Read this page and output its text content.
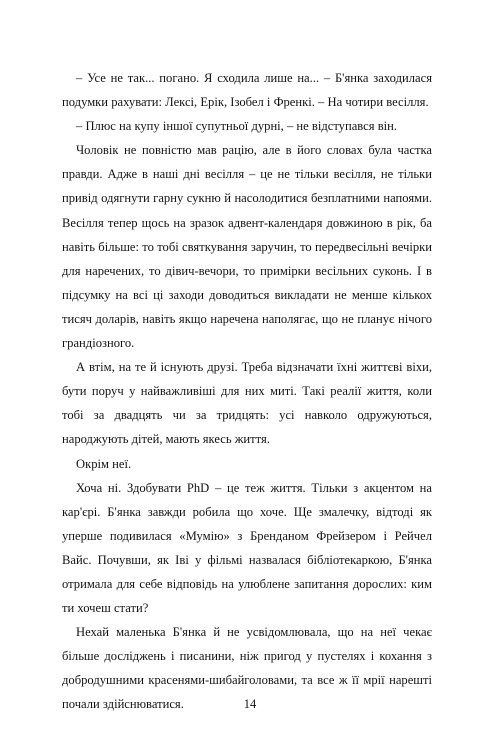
– Усе не так... погано. Я сходила лише на... – Б'янка заходилася подумки рахувати: Лексі, Ерік, Ізобел і Френкі. – На чотири весілля.

– Плюс на купу іншої супутньої дурні, – не відступався він.

Чоловік не повністю мав рацію, але в його словах була частка правди. Адже в наші дні весілля – це не тільки весілля, не тільки привід одягнути гарну сукню й насолодитися безплатними напоями. Весілля тепер щось на зразок адвент-календаря довжиною в рік, ба навіть більше: то тобі святкування заручин, то передвесільні вечірки для наречених, то дівич-вечори, то примірки весільних суконь. І в підсумку на всі ці заходи доводиться викладати не менше кількох тисяч доларів, навіть якщо наречена наполягає, що не планує нічого грандіозного.

А втім, на те й існують друзі. Треба відзначати їхні життєві віхи, бути поруч у найважливіші для них миті. Такі реалії життя, коли тобі за двадцять чи за тридцять: усі навколо одружуються, народжують дітей, мають якесь життя.

Окрім неї.

Хоча ні. Здобувати PhD – це теж життя. Тільки з акцентом на кар'єрі. Б'янка завжди робила що хоче. Ще змалечку, відтоді як уперше подивилася «Мумію» з Бренданом Фрейзером і Рейчел Вайс. Почувши, як Іві у фільмі назвалася бібліотекаркою, Б'янка отримала для себе відповідь на улюблене запитання дорослих: ким ти хочеш стати?

Нехай маленька Б'янка й не усвідомлювала, що на неї чекає більше досліджень і писанини, ніж пригод у пустелях і кохання з добродушними красенями-шибайголовами, та все ж її мрії нарешті почали здійснюватися.	14
